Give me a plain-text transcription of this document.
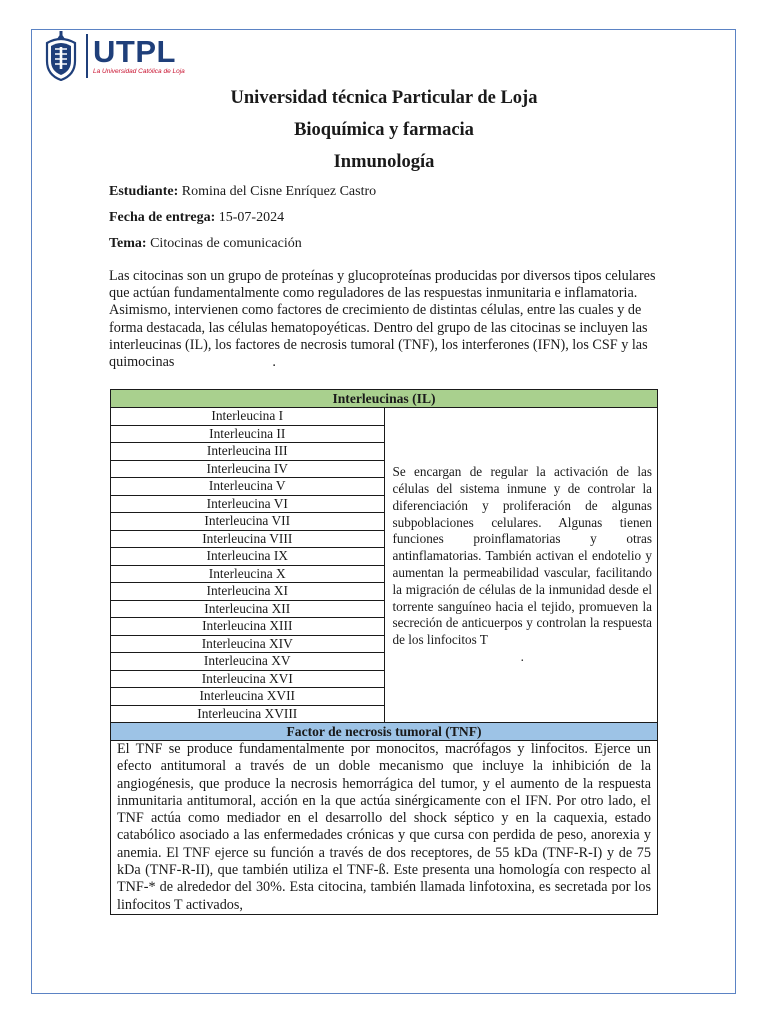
UTPL
La Universidad Católica de Loja
Universidad técnica Particular de Loja
Bioquímica y farmacia
Inmunología
Estudiante: Romina del Cisne Enríquez Castro
Fecha de entrega: 15-07-2024
Tema: Citocinas de comunicación
Las citocinas son un grupo de proteínas y glucoproteínas producidas por diversos tipos celulares que actúan fundamentalmente como reguladores de las respuestas inmunitaria e inflamatoria. Asimismo, intervienen como factores de crecimiento de distintas células, entre las cuales y de forma destacada, las células hematopoyéticas. Dentro del grupo de las citocinas se incluyen las interleucinas (IL), los factores de necrosis tumoral (TNF), los interferones (IFN), los CSF y las quimocinas	.
Interleucinas (IL)

Interleucina I
Interleucina II
Interleucina III
Interleucina IV
Interleucina V
Interleucina VI
Interleucina VII
Interleucina VIII
Interleucina IX
Interleucina X
Interleucina XI
Interleucina XII
Interleucina XIII
Interleucina XIV
Interleucina XV
Interleucina XVI
Interleucina XVII
Interleucina XVIII
	Se encargan de regular la activación de las células del sistema inmune y de controlar la diferenciación y proliferación de algunas subpoblaciones celulares. Algunas tienen funciones proinflamatorias y otras antinflamatorias. También activan el endotelio y aumentan la permeabilidad vascular, facilitando la migración de células de la inmunidad desde el torrente sanguíneo hacia el tejido, promueven la secreción de anticuerpos y controlan la respuesta de los linfocitos T
.

Factor de necrosis tumoral (TNF)
El TNF se produce fundamentalmente por monocitos, macrófagos y linfocitos. Ejerce un efecto antitumoral a través de un doble mecanismo que incluye la inhibición de la angiogénesis, que produce la necrosis hemorrágica del tumor, y el aumento de la respuesta inmunitaria antitumoral, acción en la que actúa sinérgicamente con el IFN. Por otro lado, el TNF actúa como mediador en el desarrollo del shock séptico y en la caquexia, estado catabólico asociado a las enfermedades crónicas y que cursa con perdida de peso, anorexia y anemia. El TNF ejerce su función a través de dos receptores, de 55 kDa (TNF-R-I) y de 75 kDa (TNF-R-II), que también utiliza el TNF-ß. Este presenta una homología con respecto al TNF-* de alrededor del 30%. Esta citocina, también llamada linfotoxina, es secretada por los linfocitos T activados,
